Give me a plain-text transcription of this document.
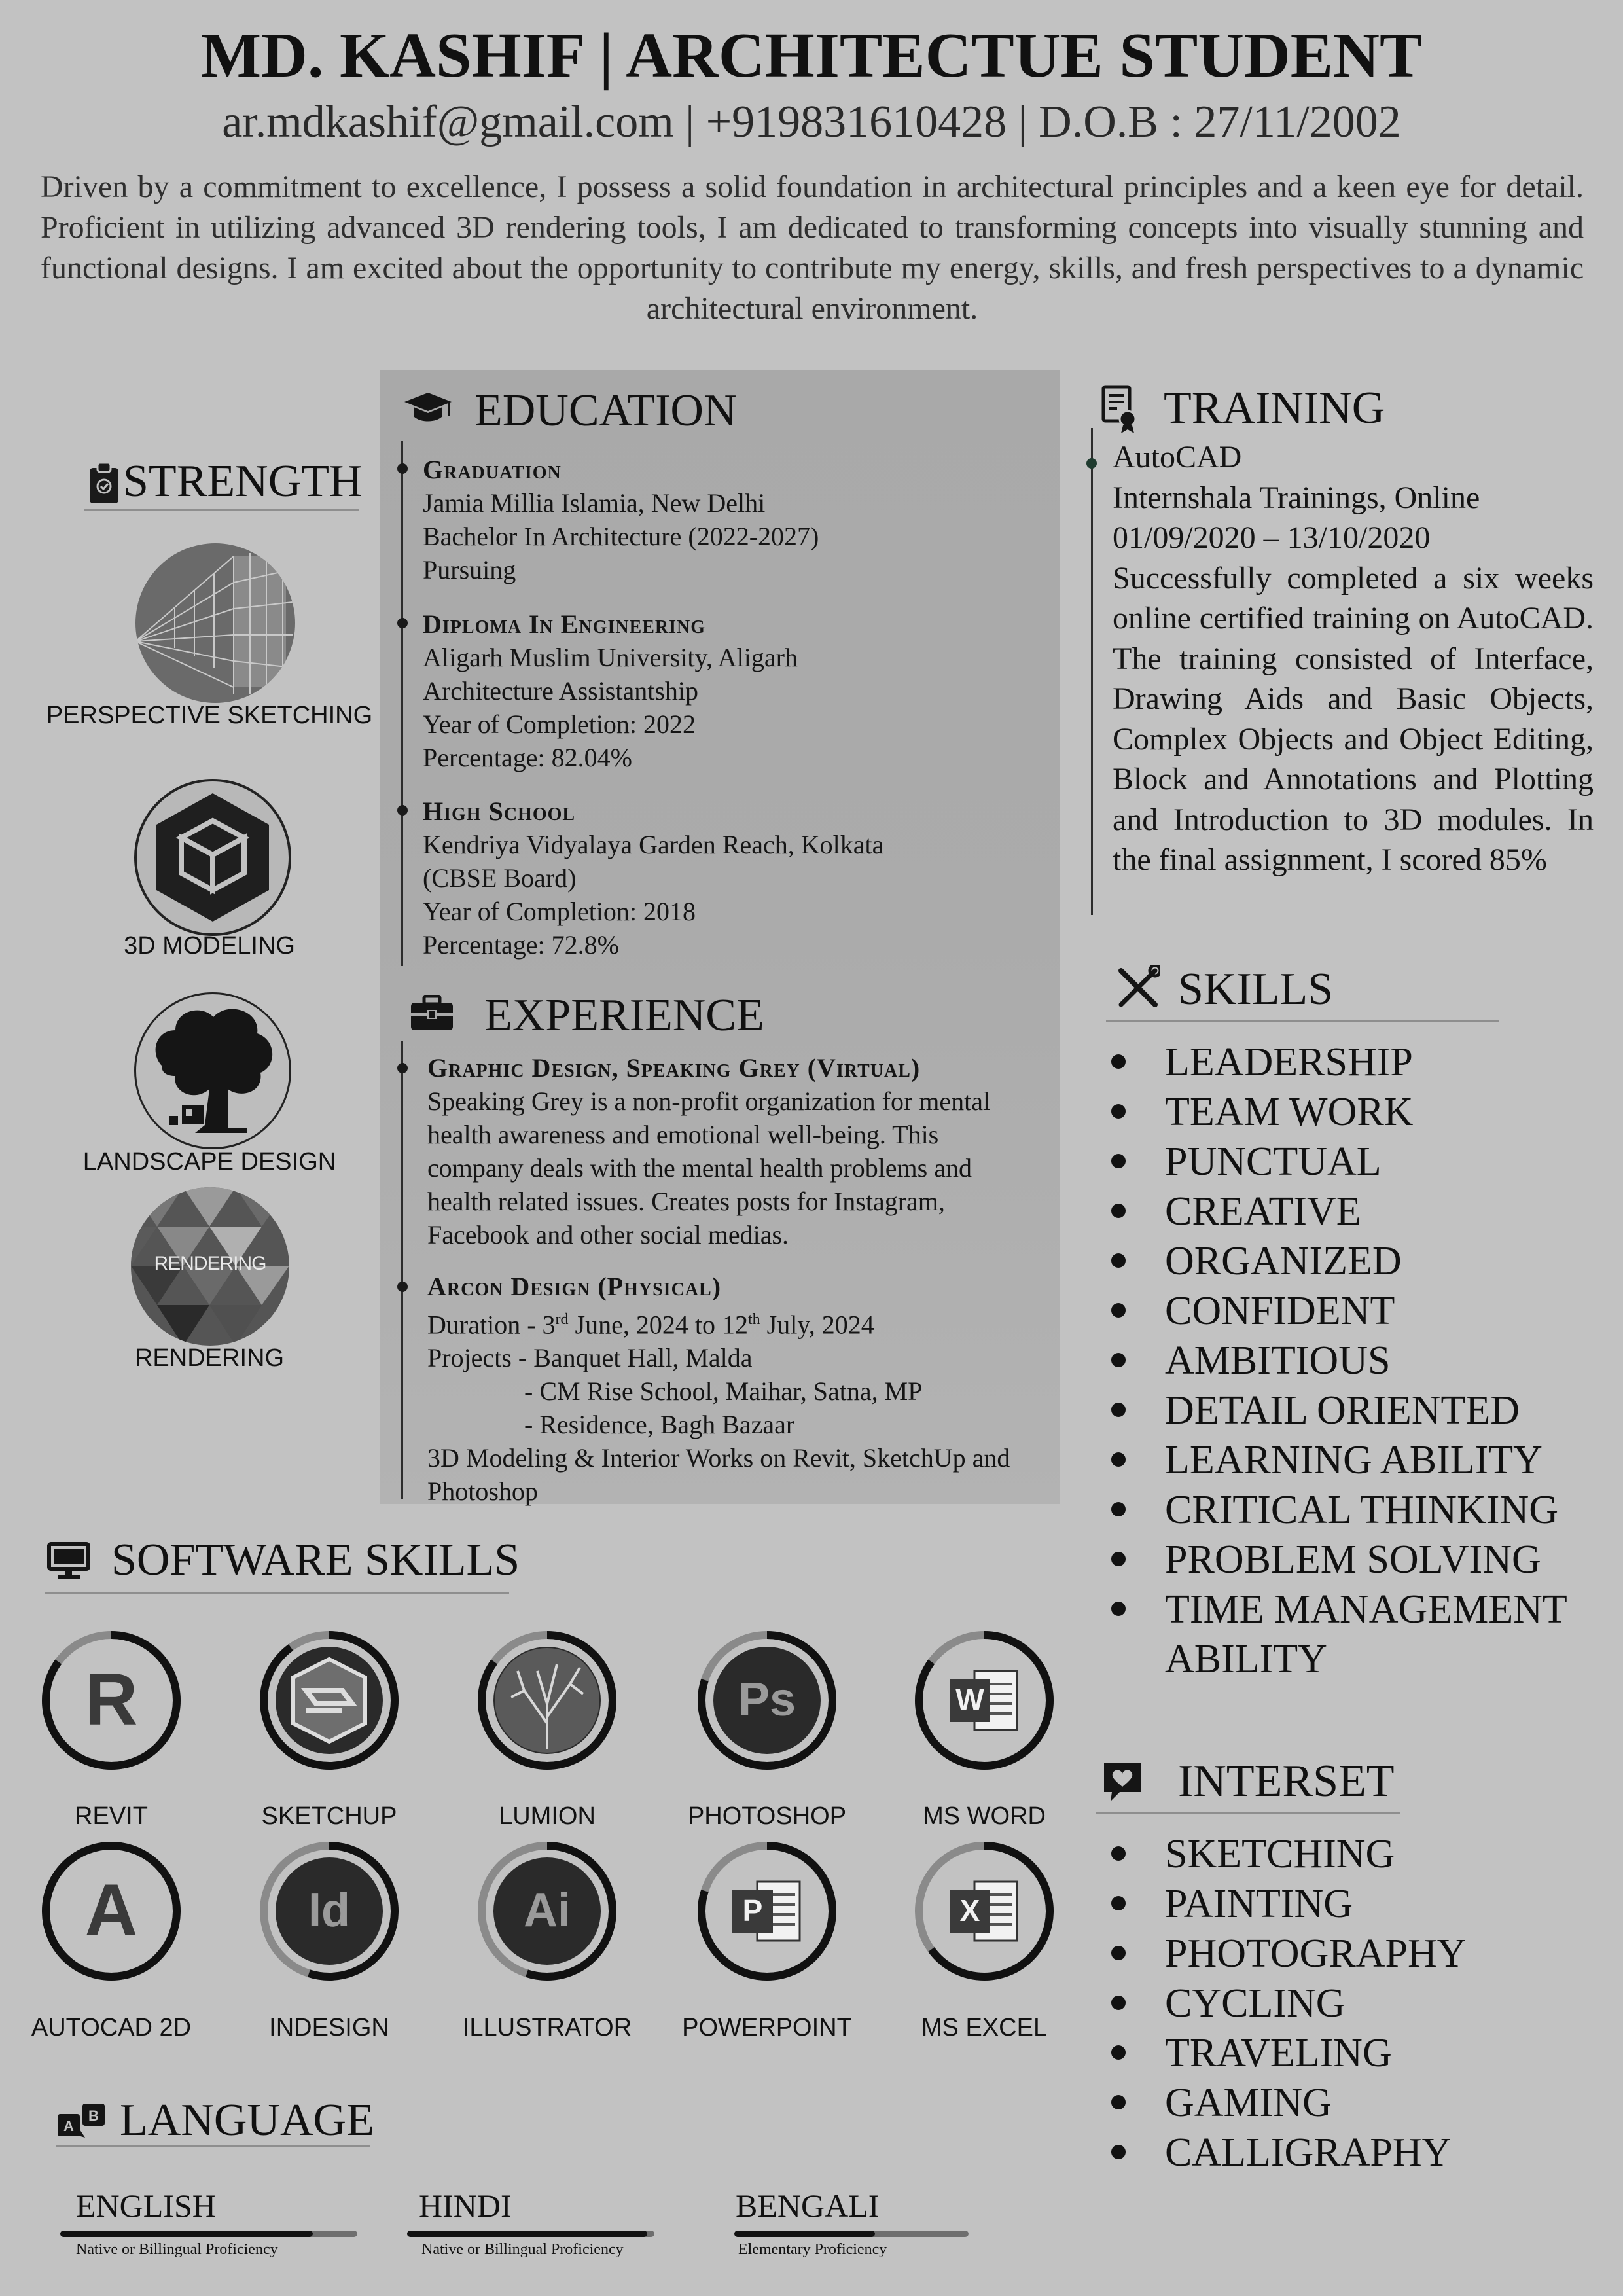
MD. KASHIF | ARCHITECTUE STUDENT
ar.mdkashif@gmail.com | +919831610428 | D.O.B : 27/11/2002
Driven by a commitment to excellence, I possess a solid foundation in architectural principles and a keen eye for detail. Proficient in utilizing advanced 3D rendering tools, I am dedicated to transforming concepts into visually stunning and functional designs. I am excited about the opportunity to contribute my energy, skills, and fresh perspectives to a dynamic architectural environment.
STRENGTH
PERSPECTIVE SKETCHING
3D MODELING
LANDSCAPE DESIGN
RENDERING
RENDERING
EDUCATION
Graduation
Jamia Millia Islamia, New Delhi
Bachelor In Architecture (2022-2027)
Pursuing
Diploma In Engineering
Aligarh Muslim University, Aligarh
Architecture Assistantship
Year of Completion: 2022
Percentage: 82.04%
High School
Kendriya Vidyalaya Garden Reach, Kolkata
(CBSE Board)
Year of Completion: 2018
Percentage: 72.8%
EXPERIENCE
Graphic Design, Speaking Grey (Virtual)
Speaking Grey is a non-profit organization for mental health awareness and emotional well-being. This company deals with the mental health problems and health related issues. Creates posts for Instagram, Facebook and other social medias.
Arcon Design (Physical)
Duration - 3rd June, 2024 to 12th July, 2024
Projects - Banquet Hall, Malda
- CM Rise School, Maihar, Satna, MP
- Residence, Bagh Bazaar
3D Modeling & Interior Works on Revit, SketchUp and Photoshop
TRAINING
AutoCAD
Internshala Trainings, Online
01/09/2020 – 13/10/2020
Successfully completed a six weeks online certified training on AutoCAD. The training consisted of Interface, Drawing Aids and Basic Objects, Complex Objects and Object Editing, Block and Annotations and Plotting and Introduction to 3D modules. In the final assignment, I scored 85%
SKILLS
LEADERSHIP
TEAM WORK
PUNCTUAL
CREATIVE
ORGANIZED
CONFIDENT
AMBITIOUS
DETAIL ORIENTED
LEARNING ABILITY
CRITICAL THINKING
PROBLEM SOLVING
TIME MANAGEMENT ABILITY
INTERSET
SKETCHING
PAINTING
PHOTOGRAPHY
CYCLING
TRAVELING
GAMING
CALLIGRAPHY
SOFTWARE SKILLS
R
REVIT	SKETCHUP	LUMION
Ps
PHOTOSHOP
W
MS WORD
A
AUTOCAD 2D
Id
INDESIGN
Ai
ILLUSTRATOR
P
POWERPOINT
X
MS EXCEL
A
B LANGUAGE
ENGLISH
Native or Billingual Proficiency
HINDI
Native or Billingual Proficiency
BENGALI
Elementary Proficiency
